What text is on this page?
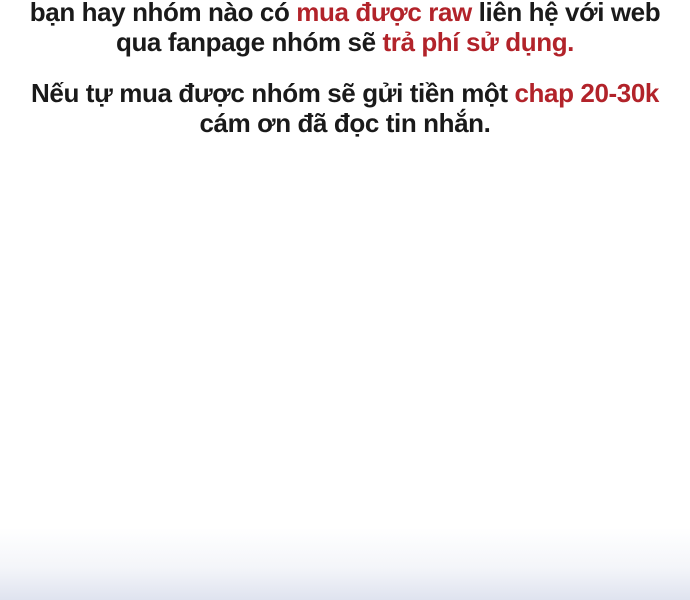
bạn hay nhóm nào có mua được raw liên hệ với web
qua fanpage nhóm sẽ trả phí sử dụng.
Nếu tự mua được nhóm sẽ gửi tiền một chap 20-30k
cám ơn đã đọc tin nhắn.
